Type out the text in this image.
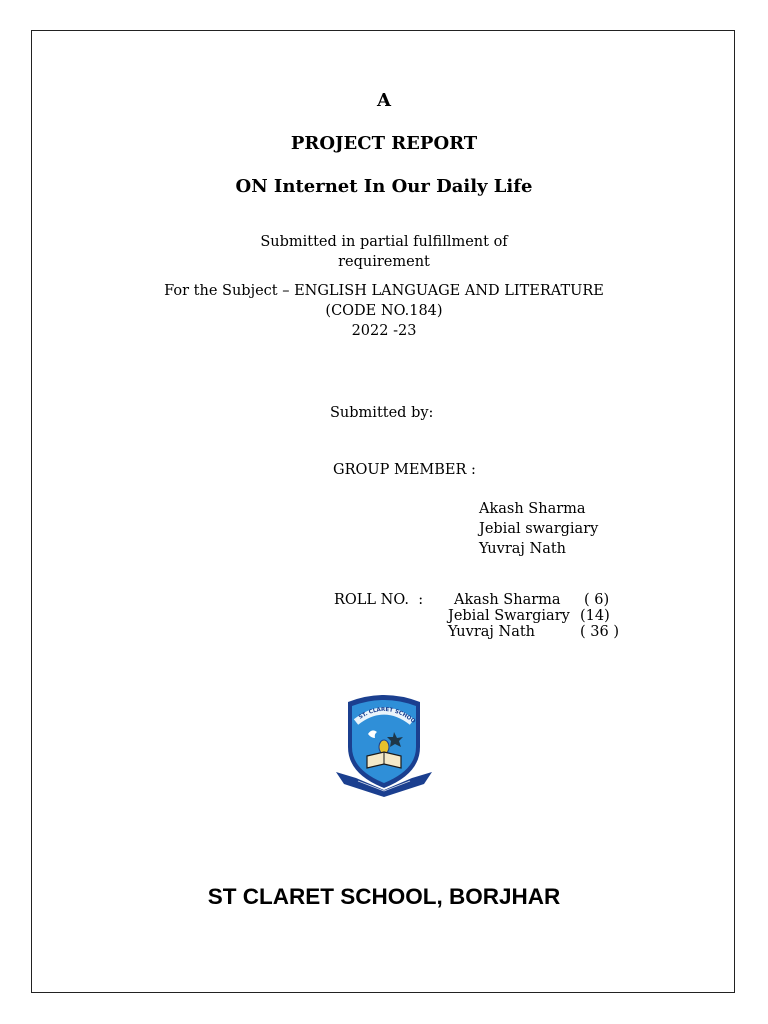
A
PROJECT REPORT
ON Internet In Our Daily Life
Submitted in partial fulfillment of
requirement
For the Subject – ENGLISH LANGUAGE AND LITERATURE
(CODE NO.184)
2022 -23
Submitted by:
GROUP MEMBER :
Akash Sharma
Jebial swargiary
Yuvraj Nath
ROLL NO.  : Akash Sharma ( 6)
Jebial Swargiary (14)
Yuvraj Nath	( 36 )
ST. CLARET SCHOO
ST CLARET SCHOOL, BORJHAR
